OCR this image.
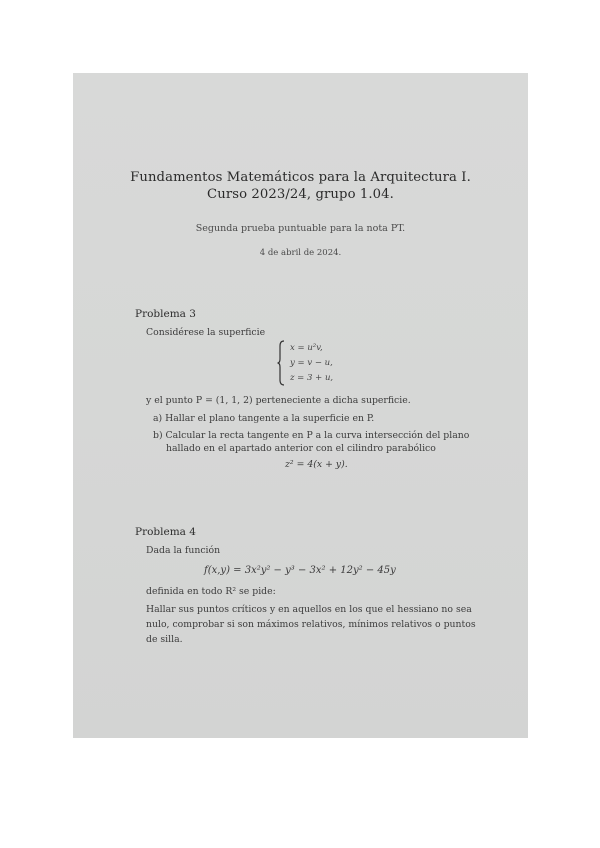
Fundamentos Matemáticos para la Arquitectura I.
Curso 2023/24, grupo 1.04.
Segunda prueba puntuable para la nota PT.
4 de abril de 2024.
Problema 3
Considérese la superficie
x = u²v,
y = v − u,
z = 3 + u,
y el punto P = (1, 1, 2) perteneciente a dicha superficie.
a) Hallar el plano tangente a la superficie en P.
b) Calcular la recta tangente en P a la curva intersección del plano
hallado en el apartado anterior con el cilindro parabólico
z² = 4(x + y).
Problema 4
Dada la función
f(x,y) = 3x²y² − y³ − 3x² + 12y² − 45y
definida en todo R² se pide:
Hallar sus puntos críticos y en aquellos en los que el hessiano no sea
nulo, comprobar si son máximos relativos, mínimos relativos o puntos
de silla.
